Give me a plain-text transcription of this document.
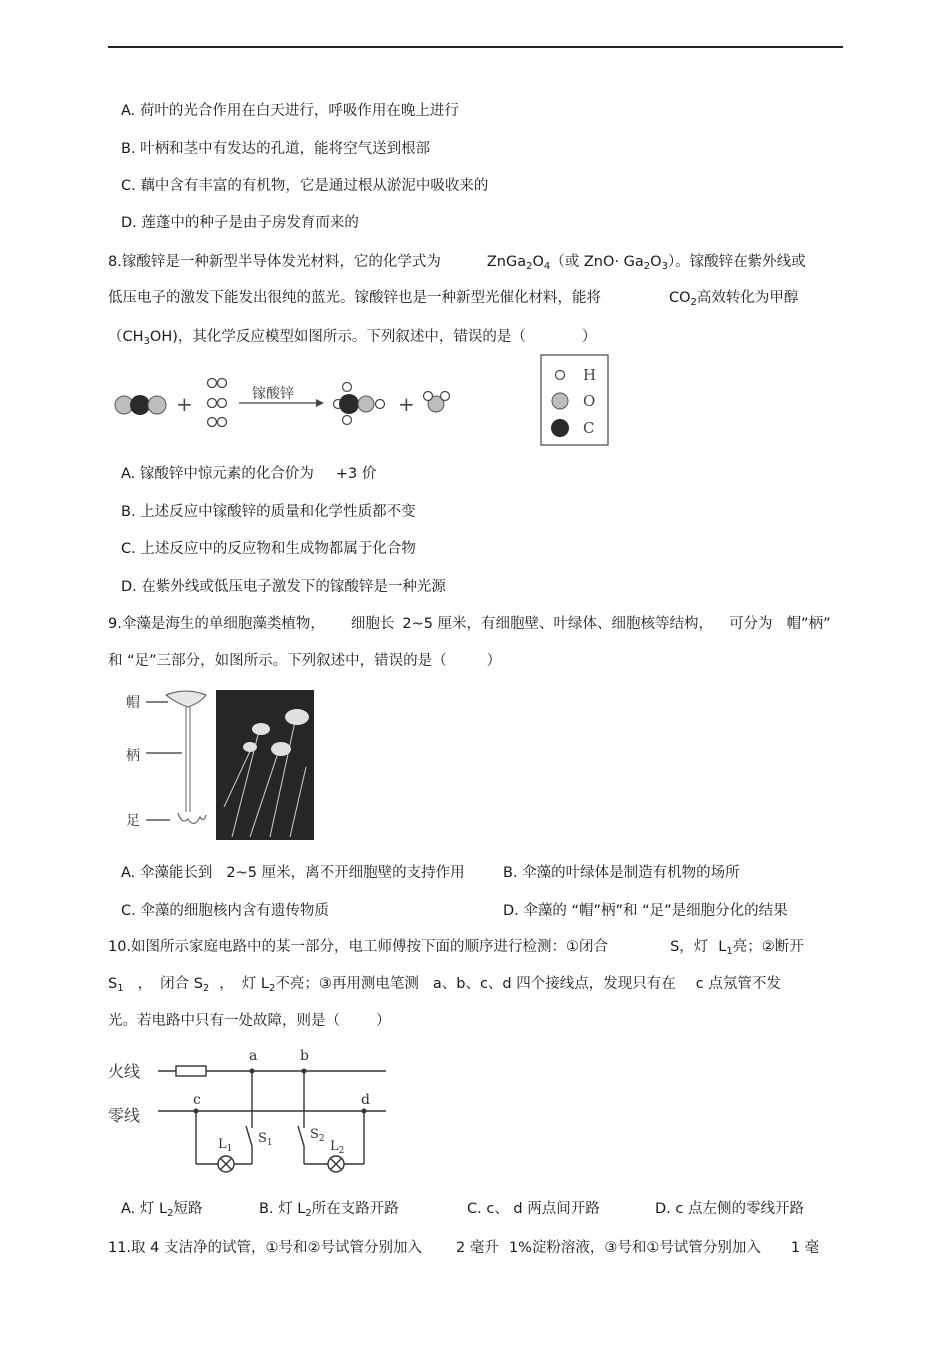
A. 荷叶的光合作用在白天进行，呼吸作用在晚上进行
B. 叶柄和茎中有发达的孔道，能将空气送到根部
C. 藕中含有丰富的有机物，它是通过根从淤泥中吸收来的
D. 莲蓬中的种子是由子房发育而来的
8.镓酸锌是一种新型半导体发光材料，它的化学式为	$ZnGa_2O_4$（或 $ZnO\cdot Ga_2O_3$）。镓酸锌在紫外线或
低压电子的激发下能发出很纯的蓝光。镓酸锌也是一种新型光催化材料，能将	$CO_2$高效转化为甲醇
$(CH_3OH)$，其化学反应模型如图所示。下列叙述中，错误的是（	）
+	镓酸锌	+
H
O
C
A. 镓酸锌中惊元素的化合价为 +3 价
B. 上述反应中镓酸锌的质量和化学性质都不变
C. 上述反应中的反应物和生成物都属于化合物
D. 在紫外线或低压电子激发下的镓酸锌是一种光源
9.伞藻是海生的单细胞藻类植物， 细胞长 2~5 厘米，有细胞壁、叶绿体、细胞核等结构， 可分为 帽”柄”
和 “足”三部分，如图所示。下列叙述中，错误的是（	）
帽
柄
足
A. 伞藻能长到 2~5 厘米，离不开细胞壁的支持作用	B. 伞藻的叶绿体是制造有机物的场所
C. 伞藻的细胞核内含有遗传物质	D. 伞藻的 “帽”柄”和 “足”是细胞分化的结果
10.如图所示家庭电路中的某一部分，电工师傅按下面的顺序进行检测：①闭合	S，灯 $L_1$亮；②断开
$S_1$ ， 闭合 $S_2$ ， 灯 $L_2$不亮；③再用测电笔测 a、b、c、d 四个接线点，发现只有在 c 点氖管不发
光。若电路中只有一处故障，则是（ ）
火线
零线
a	b
c	d
$L_1$
$S_1$
$S_2$ $L_2$
A. 灯 $L_2$短路	B. 灯 $L_2$所在支路开路	C. c、 d 两点间开路	D. c 点左侧的零线开路
11.取 4 支洁净的试管，①号和②号试管分别加入 2 毫升 1%淀粉溶液，③号和①号试管分别加入 1 毫
